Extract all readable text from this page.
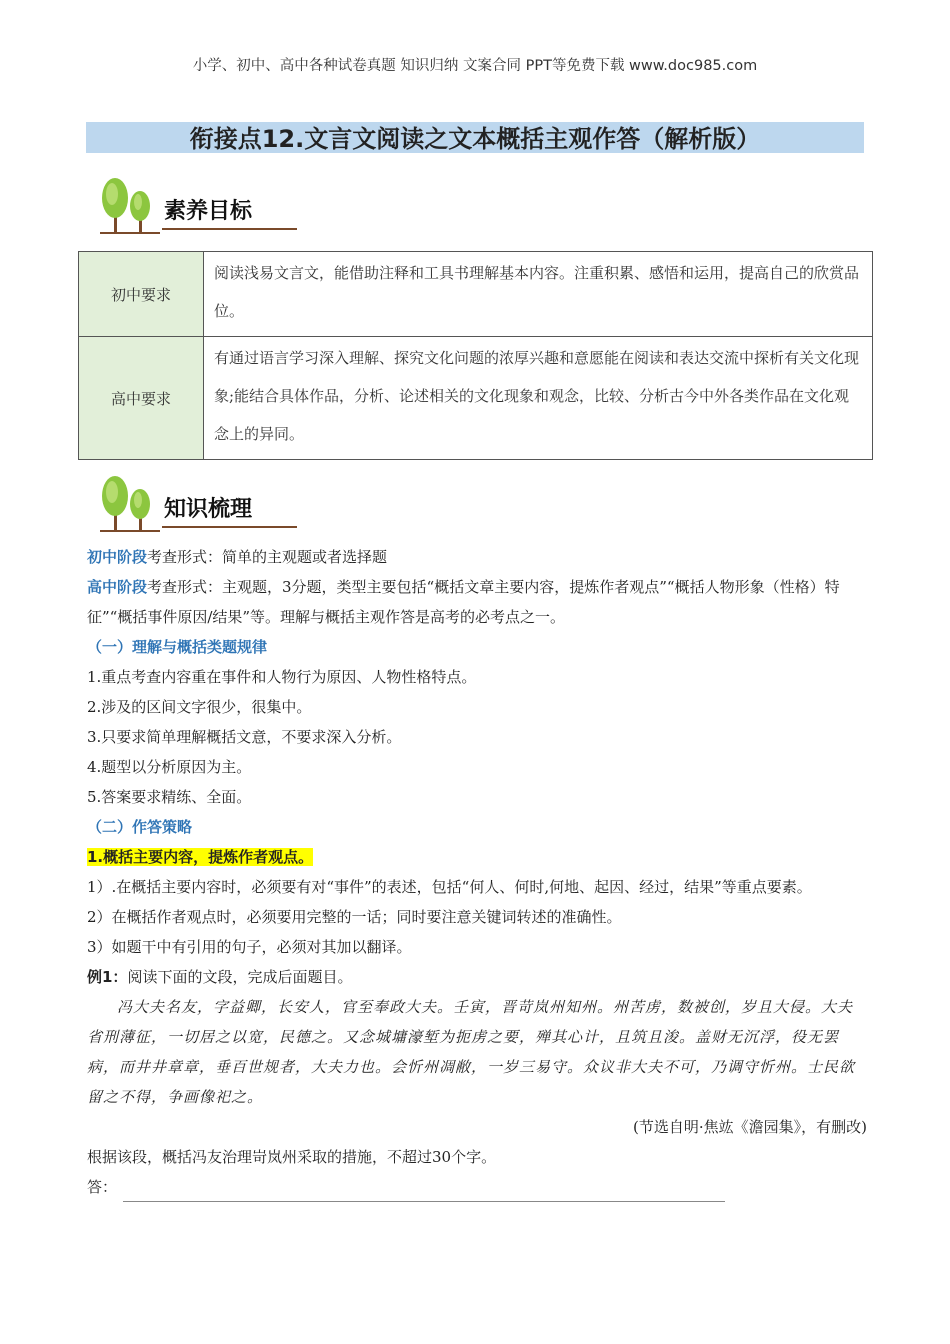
小学、初中、高中各种试卷真题 知识归纳 文案合同 PPT等免费下载 www.doc985.com
衔接点12.文言文阅读之文本概括主观作答（解析版）
素养目标
初中要求	阅读浅易文言文，能借助注释和工具书理解基本内容。注重积累、感悟和运用，提高自己的欣赏品位。
高中要求	有通过语言学习深入理解、探究文化问题的浓厚兴趣和意愿能在阅读和表达交流中探析有关文化现象;能结合具体作品，分析、论述相关的文化现象和观念，比较、分析古今中外各类作品在文化观念上的异同。
知识梳理

初中阶段考查形式：简单的主观题或者选择题

高中阶段考查形式：主观题，3分题，类型主要包括“概括文章主要内容，提炼作者观点”“概括人物形象（性格）特征”“概括事件原因/结果”等。理解与概括主观作答是高考的必考点之一。

（一）理解与概括类题规律

1.重点考查内容重在事件和人物行为原因、人物性格特点。

2.涉及的区间文字很少，很集中。

3.只要求简单理解概括文意，不要求深入分析。

4.题型以分析原因为主。

5.答案要求精练、全面。

（二）作答策略

1.概括主要内容，提炼作者观点。

1）.在概括主要内容时，必须要有对“事件”的表述，包括“何人、何时,何地、起因、经过，结果”等重点要素。

2）在概括作者观点时，必须要用完整的一话；同时要注意关键词转述的准确性。

3）如题干中有引用的句子，必须对其加以翻译。

例1：阅读下面的文段，完成后面题目。

冯大夫名友，字益卿，长安人，官至奉政大夫。壬寅，晋苛岚州知州。州苦虏，数被创，岁且大侵。大夫省刑薄征，一切居之以宽，民德之。又念城墉濠堑为扼虏之要，殚其心计，且筑且浚。盖财无沉浮，役无罢病，而井井章章，垂百世规者，大夫力也。会忻州凋敝，一岁三易守。众议非大夫不可，乃调守忻州。士民欲留之不得，争画像祀之。

(节选自明·焦竑《澹园集》，有删改)

根据该段，概括冯友治理岢岚州采取的措施，不超过30个字。

答：
